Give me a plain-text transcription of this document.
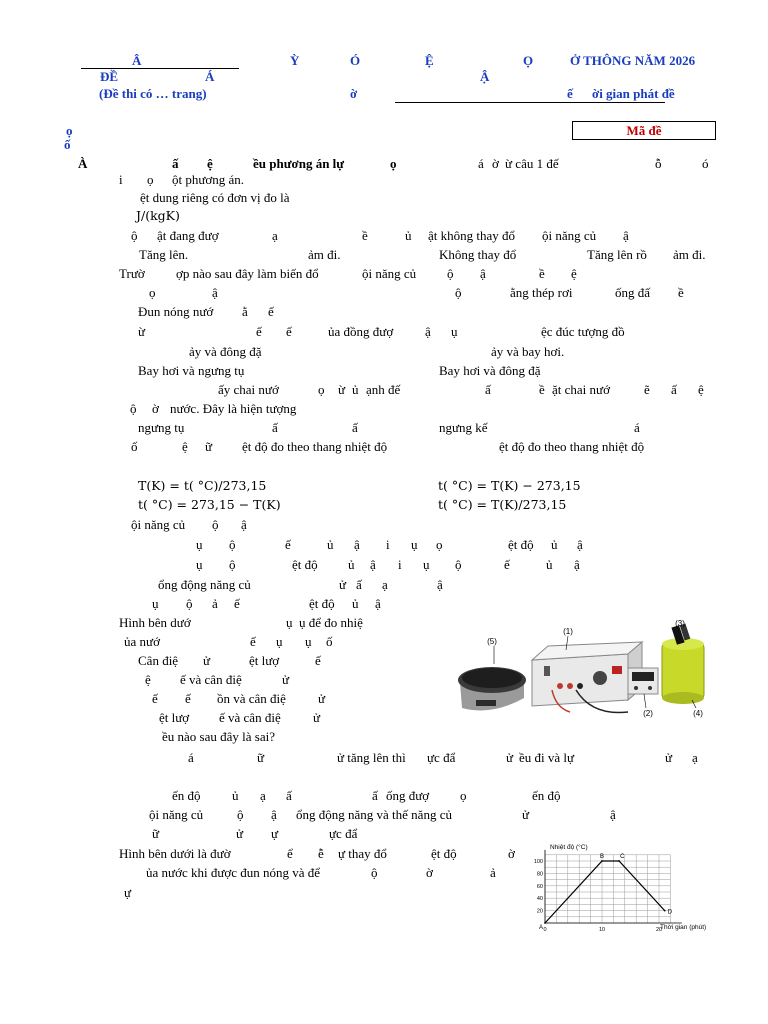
Â	Ỳ	Ó	Ệ	Ọ	Ở THÔNG NĂM 2026
ĐỀ	Á	Ậ
(Đề thi có … trang)	ờ	ế ời gian phát đề
ọ
ố
Mã đề
À	ấ ệ	ều phương án lự	ọ	á ờ ừ câu 1 đế	ỗ	ó
i ọ ột phương án.
ệt dung riêng có đơn vị đo là
J/(kgK)
ộ ật đang đượ	ạ	ề	ủ ật không thay đổ ội năng củ ậ
Tăng lên.	ảm đi.	Không thay đổ	Tăng lên rồ ảm đi.
Trườ ợp nào sau đây làm biến đổ	ội năng củ ộ ậ	ề ệ
ọ	ậ	ộ	ằng thép rơi	ống đấ ề
Đun nóng nướ ằ ế
ừ	ế ế	ủa đồng đượ ậ ụ	ệc đúc tượng đồ
ảy và đông đặ	ảy và bay hơi.
Bay hơi và ngưng tụ	Bay hơi và đông đặ
ấy chai nướ	ọ ừ ủ ạnh đế	ấ	ề ặt chai nướ	ẽ ấ ệ
ộ ờ nước. Đây là hiện tượng
ngưng tụ	ấ	ấ	ngưng kế	á
ố	ệ ữ ệt độ đo theo thang nhiệt độ	ệt độ đo theo thang nhiệt độ
T(K) = t( °C)/273,15	t( °C) = T(K) − 273,15
t( °C) = 273,15 − T(K)	t( °C) = T(K)/273,15
ội năng củ ộ ậ
ụ ộ	ế	ủ ậ i ụ ọ	ệt độ ủ ậ
ụ ộ	ệt độ ủ ậ i ụ ộ	ế	ủ ậ
ổng động năng củ	ử ấ ạ	ậ
ụ ộ ả ế	ệt độ ủ ậ
Hình bên dướ	ụ ụ để đo nhiệ
ủa nướ	ế ụ ụ ố
Cân điệ ử	ệt lượ	ế
ệ ế và cân điệ	ử
ế ế ồn và cân điệ ử
ệt lượ ế và cân điệ ử
ều nào sau đây là sai?
á	ữ	ử tăng lên thì ực đẩ	ử ều đi và lự	ử ạ
ến độ ủ ạ ấ	ấ ống đượ ọ	ến độ
ội năng củ	ộ ậ ổng động năng và thế năng củ	ử	ậ
ữ	ử ự	ực đẩ
(5)
(1)
(2)
(3)
(4)
Hình bên dưới là đườ	ể ễ ự thay đổ	ệt độ	ờ
ủa nước khi được đun nóng và để	ộ	ờ	ả
ự
20
40
60
80
100
0	10	20
A
B	C
D
Nhiệt độ (°C)
Thời gian (phút)
